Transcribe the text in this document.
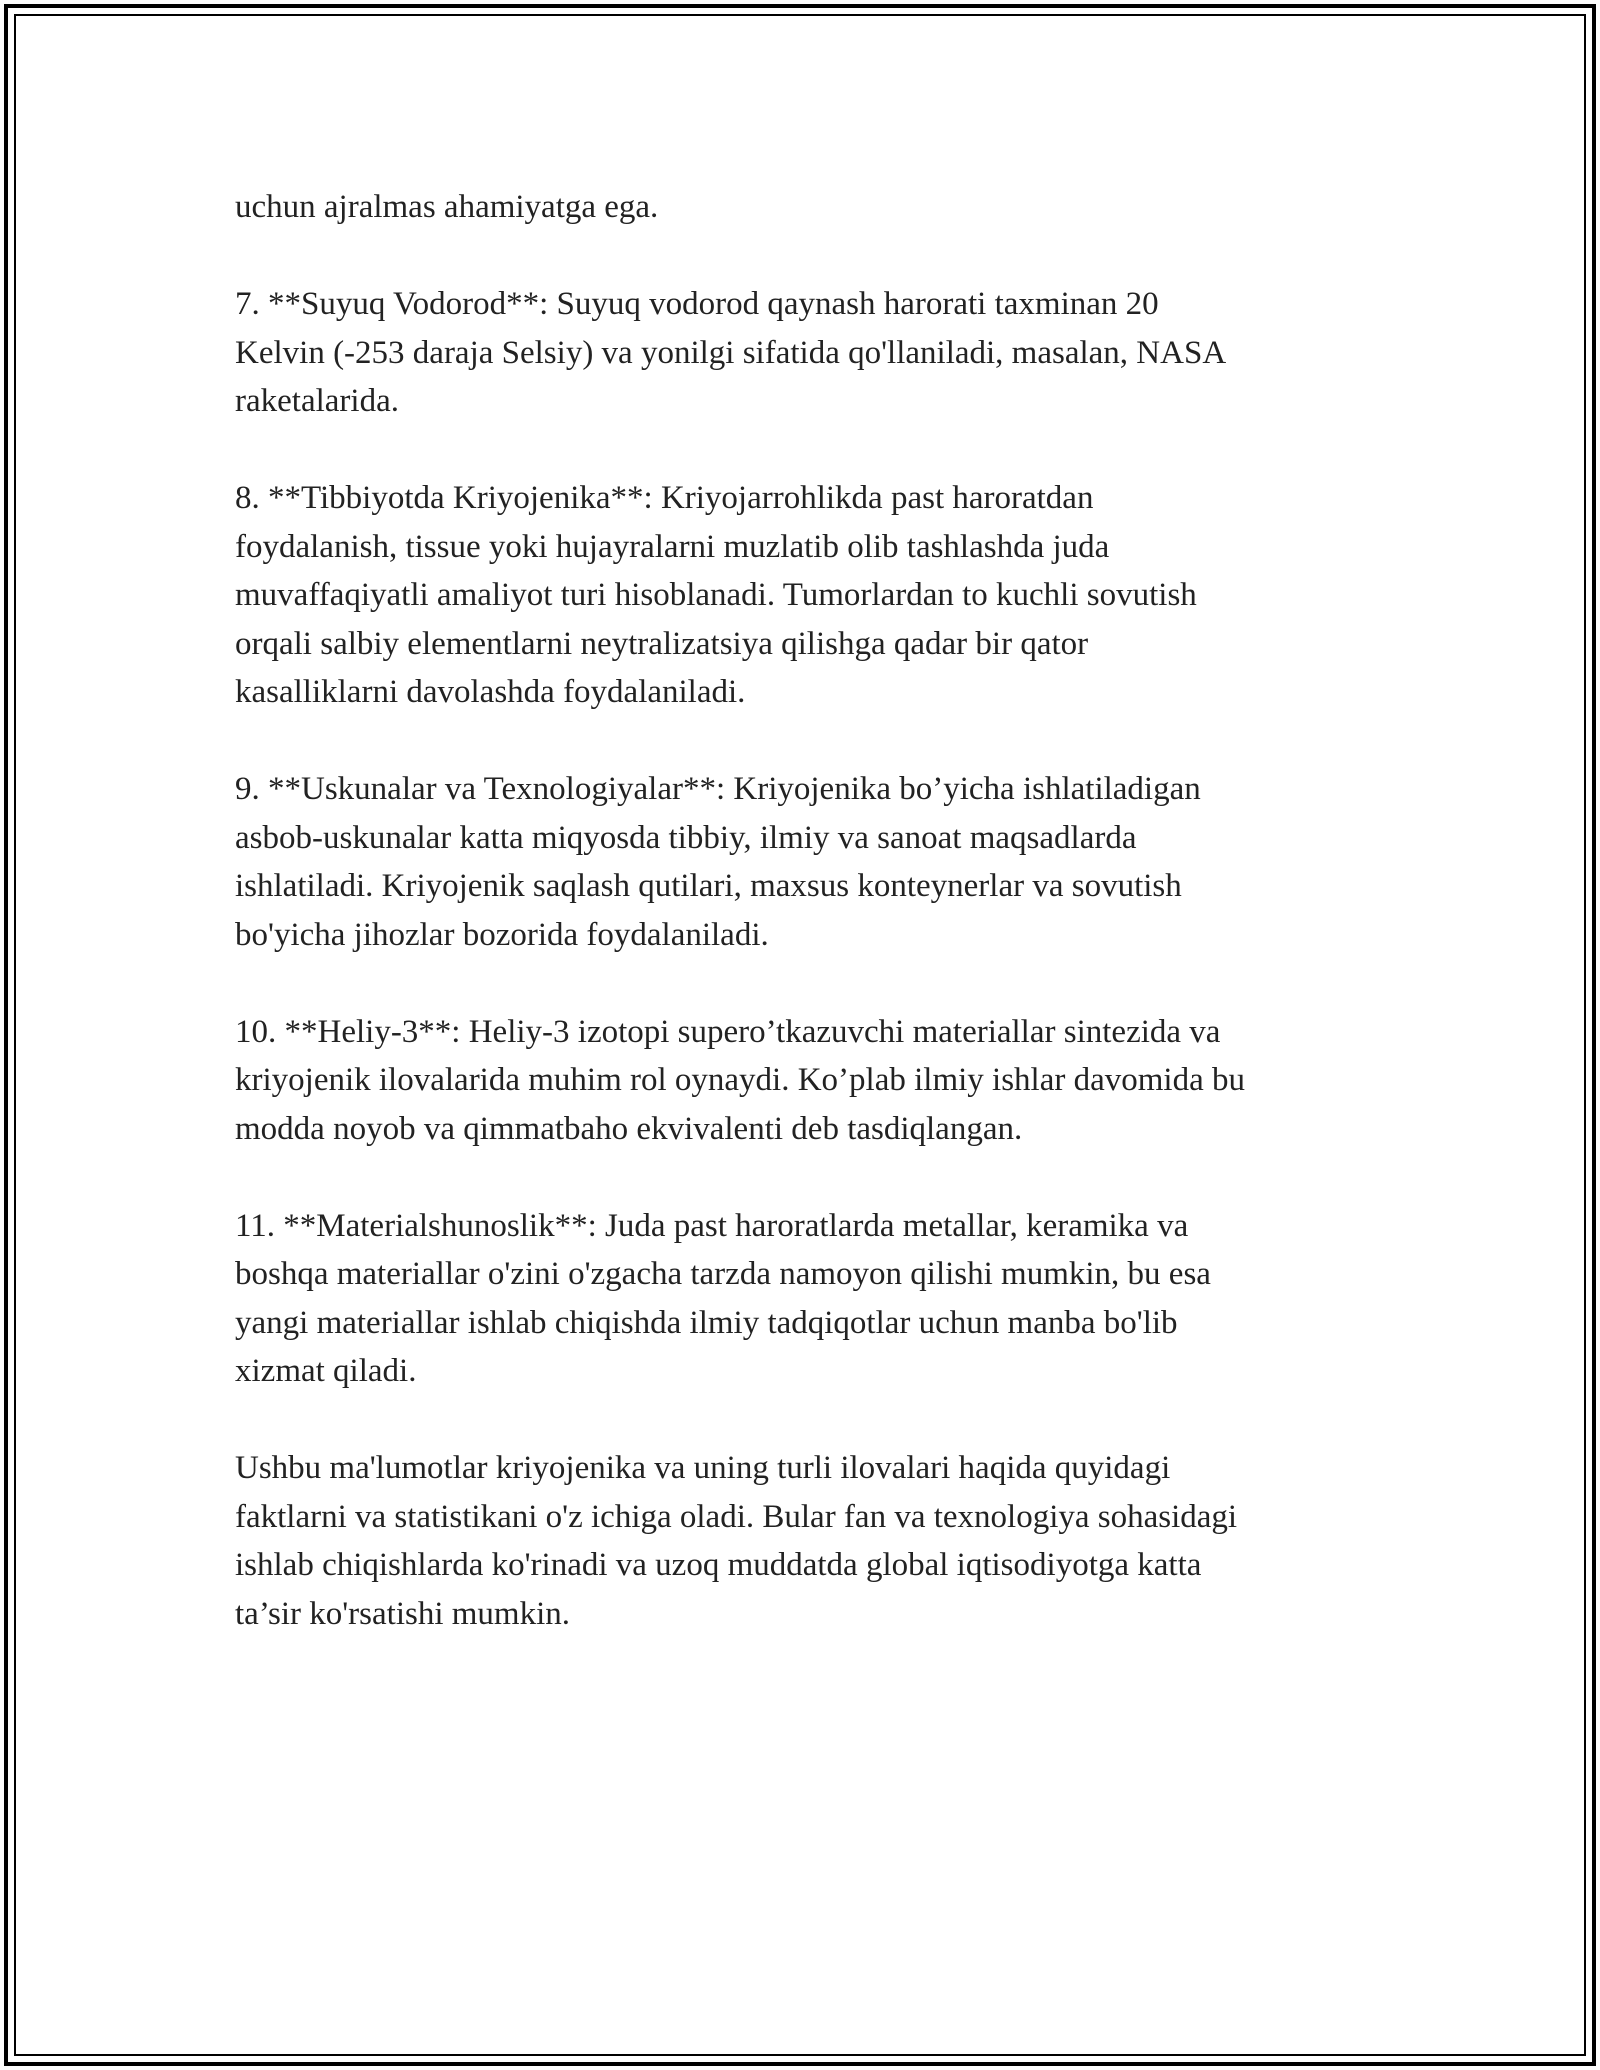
uchun ajralmas ahamiyatga ega.

7. **Suyuq Vodorod**: Suyuq vodorod qaynash harorati taxminan 20
Kelvin (-253 daraja Selsiy) va yonilgi sifatida qo'llaniladi, masalan, NASA
raketalarida.

8. **Tibbiyotda Kriyojenika**: Kriyojarrohlikda past haroratdan
foydalanish, tissue yoki hujayralarni muzlatib olib tashlashda juda
muvaffaqiyatli amaliyot turi hisoblanadi. Tumorlardan to kuchli sovutish
orqali salbiy elementlarni neytralizatsiya qilishga qadar bir qator
kasalliklarni davolashda foydalaniladi.

9. **Uskunalar va Texnologiyalar**: Kriyojenika bo’yicha ishlatiladigan
asbob-uskunalar katta miqyosda tibbiy, ilmiy va sanoat maqsadlarda
ishlatiladi. Kriyojenik saqlash qutilari, maxsus konteynerlar va sovutish
bo'yicha jihozlar bozorida foydalaniladi.

10. **Heliy-3**: Heliy-3 izotopi supero’tkazuvchi materiallar sintezida va
kriyojenik ilovalarida muhim rol oynaydi. Ko’plab ilmiy ishlar davomida bu
modda noyob va qimmatbaho ekvivalenti deb tasdiqlangan.

11. **Materialshunoslik**: Juda past haroratlarda metallar, keramika va
boshqa materiallar o'zini o'zgacha tarzda namoyon qilishi mumkin, bu esa
yangi materiallar ishlab chiqishda ilmiy tadqiqotlar uchun manba bo'lib
xizmat qiladi.

Ushbu ma'lumotlar kriyojenika va uning turli ilovalari haqida quyidagi
faktlarni va statistikani o'z ichiga oladi. Bular fan va texnologiya sohasidagi
ishlab chiqishlarda ko'rinadi va uzoq muddatda global iqtisodiyotga katta
ta’sir ko'rsatishi mumkin.
